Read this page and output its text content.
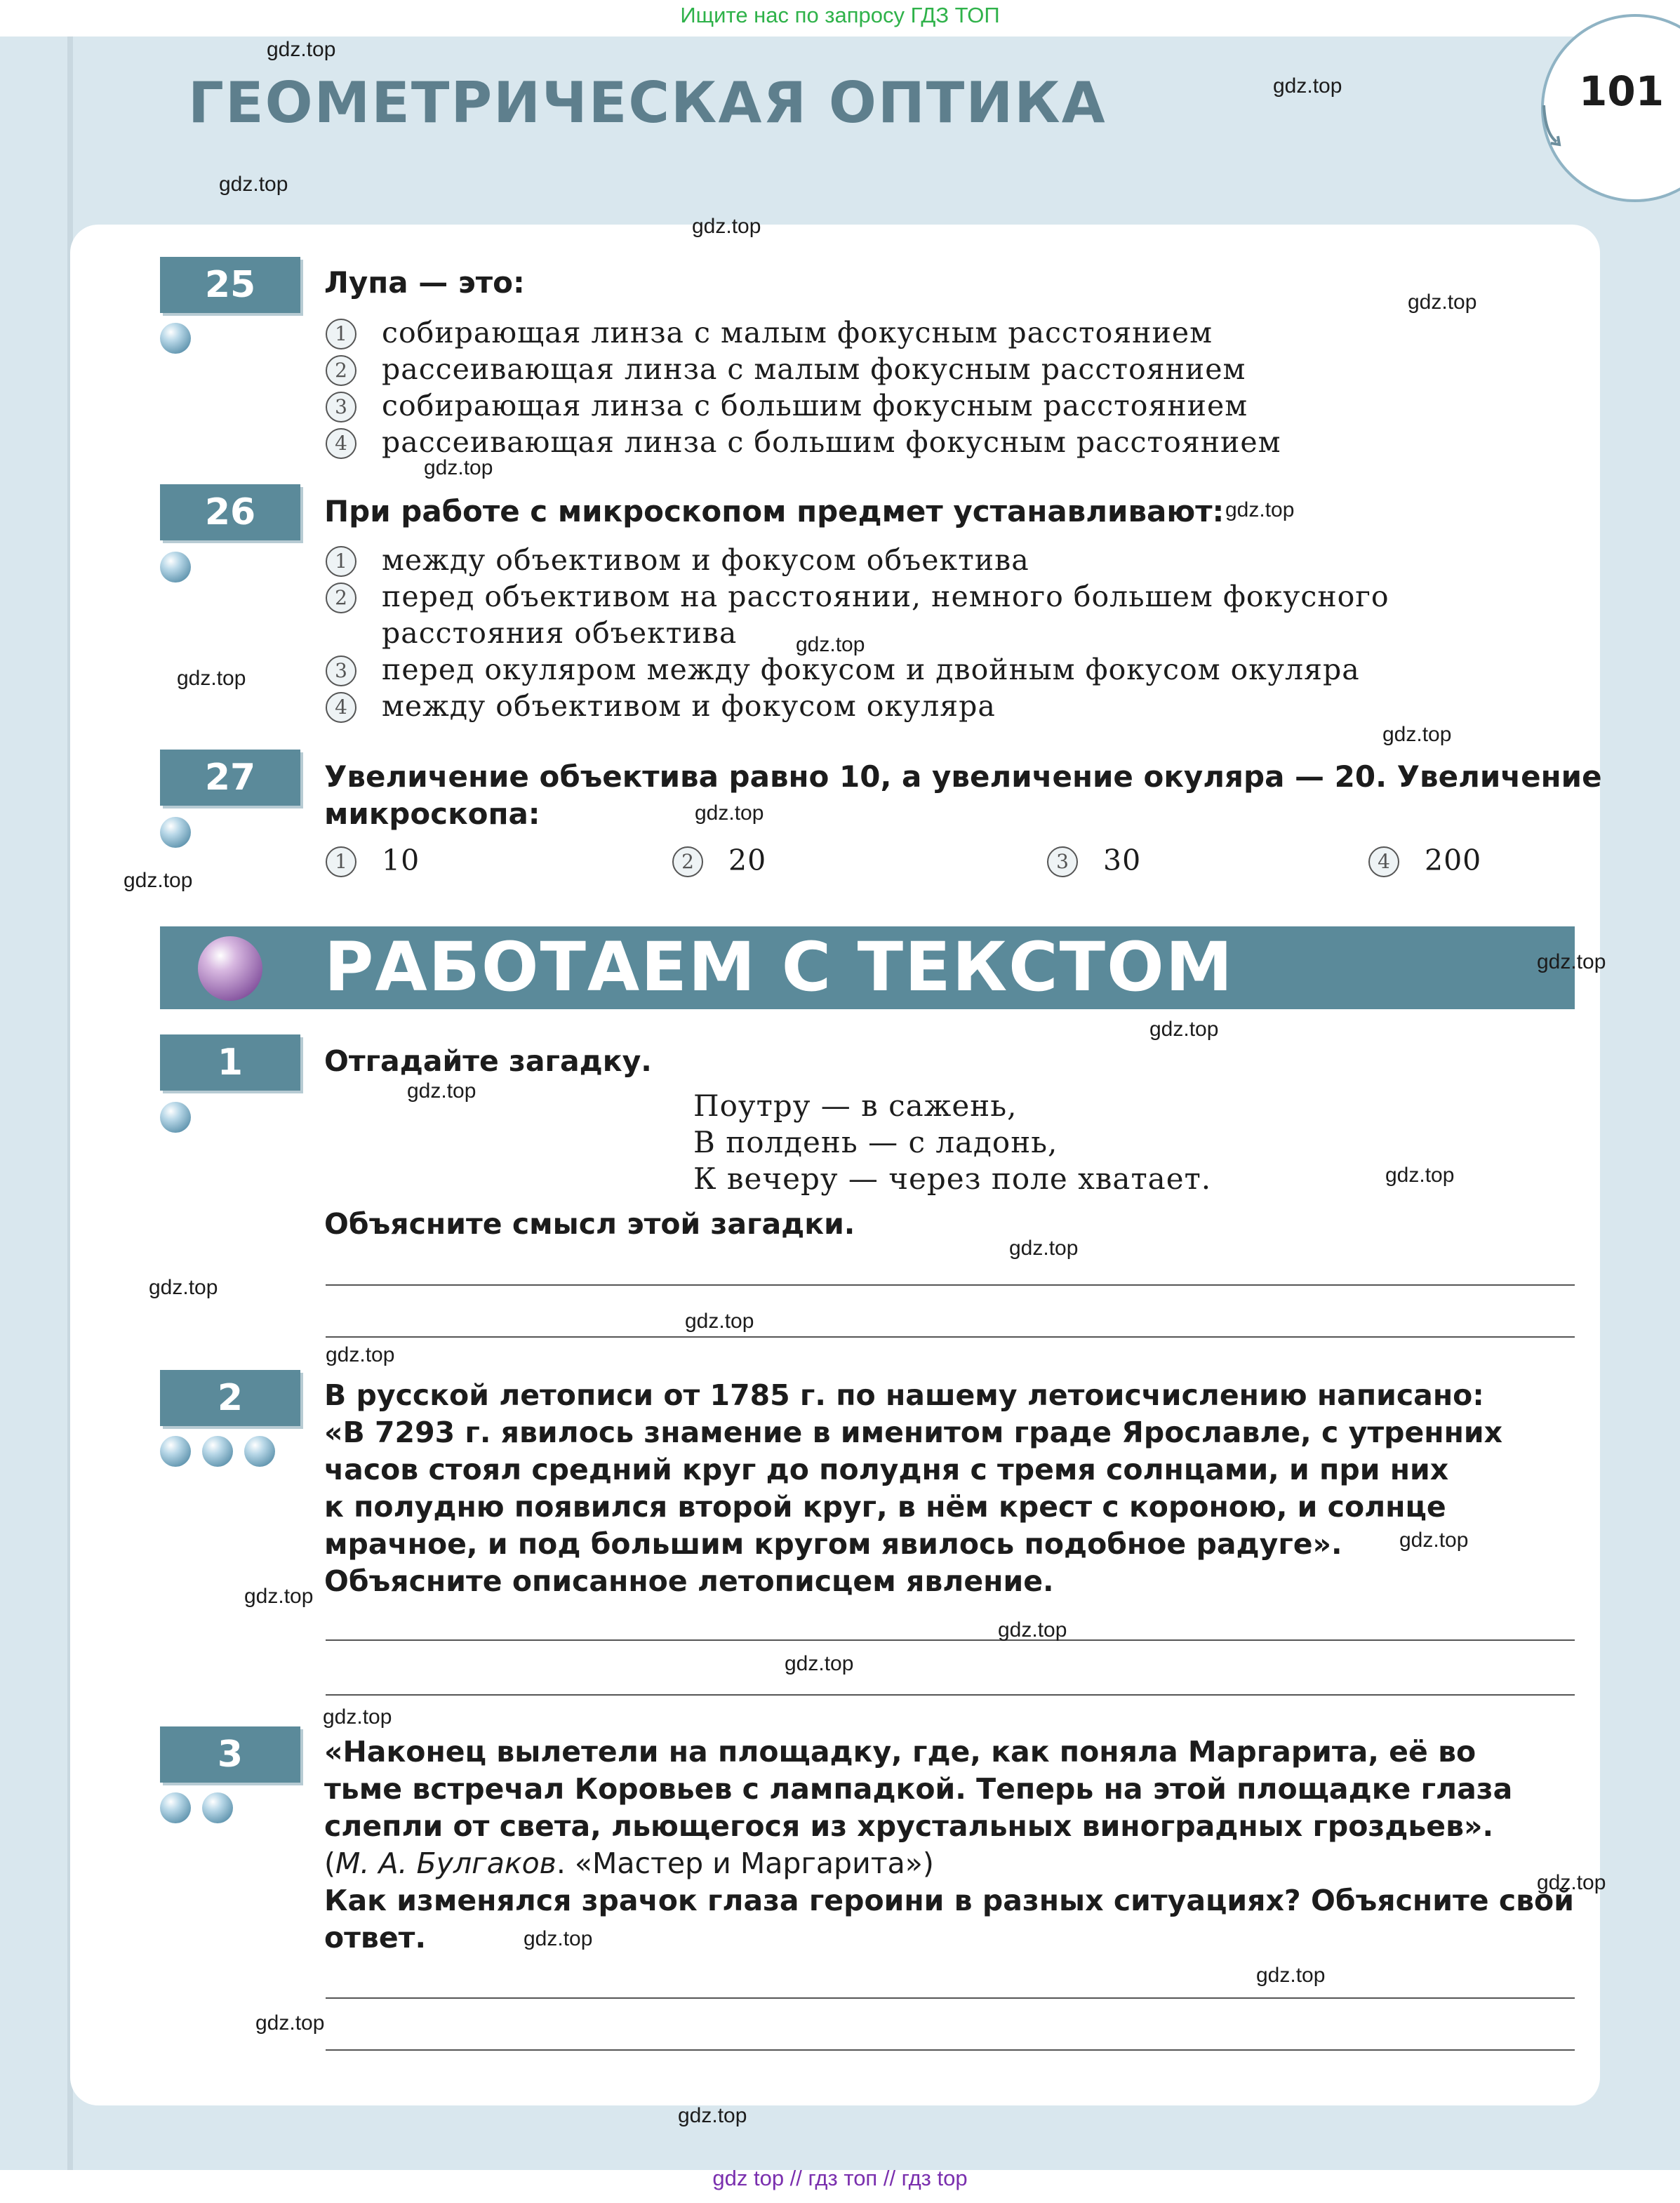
Ищите нас по запросу ГДЗ ТОП
ГЕОМЕТРИЧЕСКАЯ ОПТИКА	101
25	Лупа — это:
1	собирающая линза с малым фокусным расстоянием
2	рассеивающая линза с малым фокусным расстоянием
3	собирающая линза с большим фокусным расстоянием
4	рассеивающая линза с большим фокусным расстоянием
26	При работе с микроскопом предмет устанавливают:
1	между объективом и фокусом объектива
2	перед объективом на расстоянии, немного большем фокусного
расстояния объектива
3	перед окуляром между фокусом и двойным фокусом окуляра
4	между объективом и фокусом окуляра
27	Увеличение объектива равно 10, а увеличение окуляра — 20. Увеличение
микроскопа:
1	10	2	20	3	30	4	200
РАБОТАЕМ С ТЕКСТОМ
1	Отгадайте загадку.
Поутру — в сажень,
В полдень — с ладонь,
К вечеру — через поле хватает.
Объясните смысл этой загадки.
2	В русской летописи от 1785 г. по нашему летоисчислению написано:
«В 7293 г. явилось знамение в именитом граде Ярославле, с утренних
часов стоял средний круг до полудня с тремя солнцами, и при них
к полудню появился второй круг, в нём крест с короною, и солнце
мрачное, и под большим кругом явилось подобное радуге».
Объясните описанное летописцем явление.
3	«Наконец вылетели на площадку, где, как поняла Маргарита, её во
тьме встречал Коровьев с лампадкой. Теперь на этой площадке глаза
слепли от света, льющегося из хрустальных виноградных гроздьев».
(М. А. Булгаков. «Мастер и Маргарита»)
Как изменялся зрачок глаза героини в разных ситуациях? Объясните свой
ответ.
gdz.top
gdz.top
gdz.top
gdz.top
gdz.top
gdz.top
gdz.top
gdz.top
gdz.top
gdz.top
gdz.top
gdz.top
gdz.top
gdz.top
gdz.top
gdz.top
gdz.top
gdz.top
gdz.top
gdz.top
gdz.top
gdz.top
gdz.top
gdz.top
gdz.top
gdz.top
gdz.top
gdz.top
gdz.top
gdz.top
gdz top // гдз топ // гдз top
